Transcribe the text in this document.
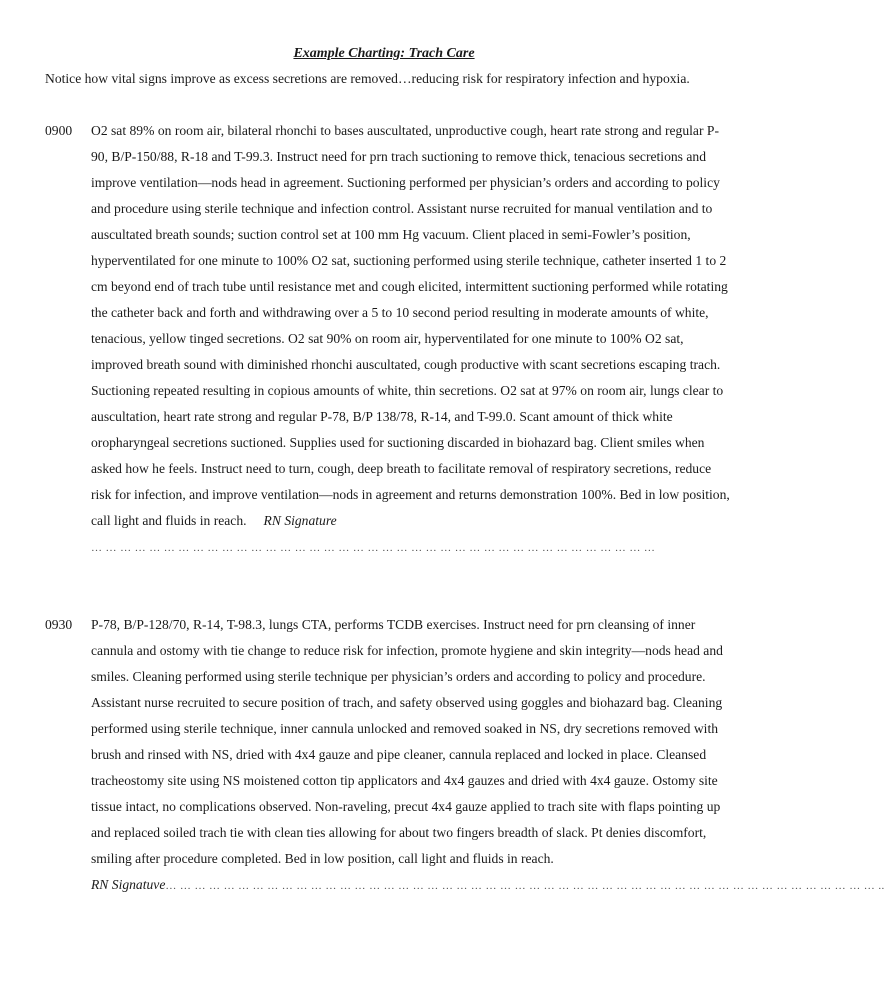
Example Charting: Trach Care
Notice how vital signs improve as excess secretions are removed…reducing risk for respiratory infection and hypoxia.
0900 O2 sat 89% on room air, bilateral rhonchi to bases auscultated, unproductive cough, heart rate strong and regular P-90, B/P-150/88, R-18 and T-99.3. Instruct need for prn trach suctioning to remove thick, tenacious secretions and improve ventilation—nods head in agreement. Suctioning performed per physician’s orders and according to policy and procedure using sterile technique and infection control. Assistant nurse recruited for manual ventilation and to auscultated breath sounds; suction control set at 100 mm Hg vacuum. Client placed in semi-Fowler’s position, hyperventilated for one minute to 100% O2 sat, suctioning performed using sterile technique, catheter inserted 1 to 2 cm beyond end of trach tube until resistance met and cough elicited, intermittent suctioning performed while rotating the catheter back and forth and withdrawing over a 5 to 10 second period resulting in moderate amounts of white, tenacious, yellow tinged secretions. O2 sat 90% on room air, hyperventilated for one minute to 100% O2 sat, improved breath sound with diminished rhonchi auscultated, cough productive with scant secretions escaping trach. Suctioning repeated resulting in copious amounts of white, thin secretions. O2 sat at 97% on room air, lungs clear to auscultation, heart rate strong and regular P-78, B/P 138/78, R-14, and T-99.0. Scant amount of thick white oropharyngeal secretions suctioned. Supplies used for suctioning discarded in biohazard bag. Client smiles when asked how he feels. Instruct need to turn, cough, deep breath to facilitate removal of respiratory secretions, reduce risk for infection, and improve ventilation—nods in agreement and returns demonstration 100%. Bed in low position, call light and fluids in reach. RN Signature … … … … … … … … … … … … … … … … … … … … … … … … … … … … … … … … … … … … … … …
0930 P-78, B/P-128/70, R-14, T-98.3, lungs CTA, performs TCDB exercises. Instruct need for prn cleansing of inner cannula and ostomy with tie change to reduce risk for infection, promote hygiene and skin integrity—nods head and smiles. Cleaning performed using sterile technique per physician’s orders and according to policy and procedure. Assistant nurse recruited to secure position of trach, and safety observed using goggles and biohazard bag. Cleaning performed using sterile technique, inner cannula unlocked and removed soaked in NS, dry secretions removed with brush and rinsed with NS, dried with 4x4 gauze and pipe cleaner, cannula replaced and locked in place. Cleansed tracheostomy site using NS moistened cotton tip applicators and 4x4 gauzes and dried with 4x4 gauze. Ostomy site tissue intact, no complications observed. Non-raveling, precut 4x4 gauze applied to trach site with flaps pointing up and replaced soiled trach tie with clean ties allowing for about two fingers breadth of slack. Pt denies discomfort, smiling after procedure completed. Bed in low position, call light and fluids in reach.
RN Signatuve… … … … … … … … … … … … … … … … … … … … … … … … … … … … … … … … … … … … … … … … … … … … … … … … … ..
